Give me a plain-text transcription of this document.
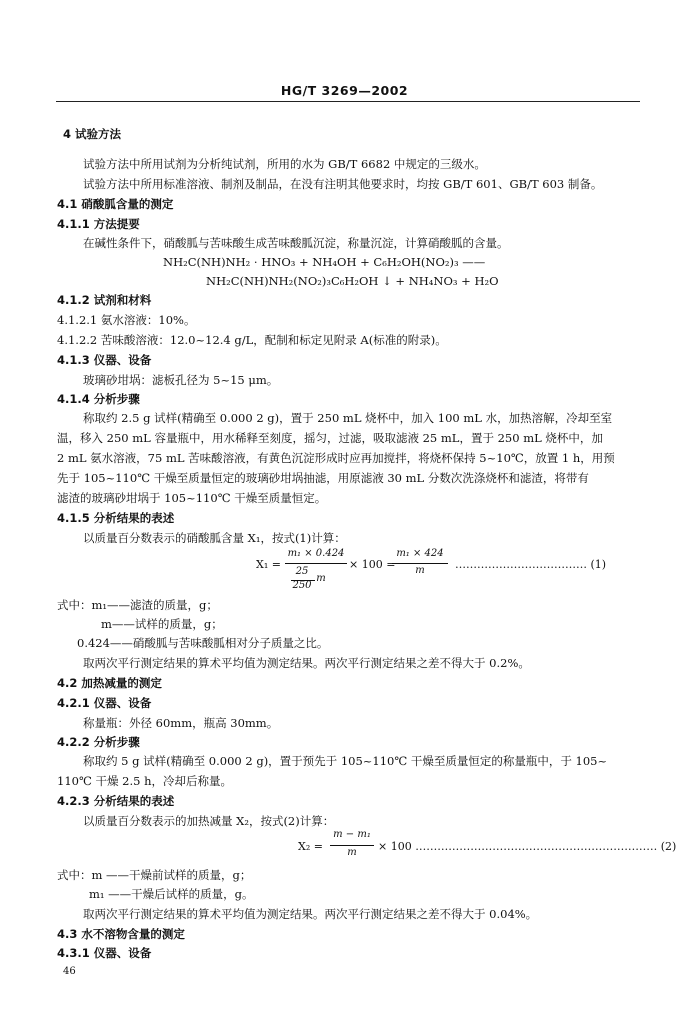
HG/T 3269—2002
4 试验方法
试验方法中所用试剂为分析纯试剂，所用的水为 GB/T 6682 中规定的三级水。
试验方法中所用标准溶液、制剂及制品，在没有注明其他要求时，均按 GB/T 601、GB/T 603 制备。
4.1 硝酸胍含量的测定
4.1.1 方法提要
在碱性条件下，硝酸胍与苦味酸生成苦味酸胍沉淀，称量沉淀，计算硝酸胍的含量。
NH₂C(NH)NH₂ · HNO₃ + NH₄OH + C₆H₂OH(NO₂)₃ ——
NH₂C(NH)NH₂(NO₂)₃C₆H₂OH ↓ + NH₄NO₃ + H₂O
4.1.2 试剂和材料
4.1.2.1 氨水溶液：10%。
4.1.2.2 苦味酸溶液：12.0~12.4 g/L，配制和标定见附录 A(标准的附录)。
4.1.3 仪器、设备
玻璃砂坩埚：滤板孔径为 5~15 μm。
4.1.4 分析步骤
称取约 2.5 g 试样(精确至 0.000 2 g)，置于 250 mL 烧杯中，加入 100 mL 水，加热溶解，冷却至室
温，移入 250 mL 容量瓶中，用水稀释至刻度，摇匀，过滤，吸取滤液 25 mL，置于 250 mL 烧杯中，加
2 mL 氨水溶液，75 mL 苦味酸溶液，有黄色沉淀形成时应再加搅拌，将烧杯保持 5~10℃，放置 1 h，用预
先于 105~110℃ 干燥至质量恒定的玻璃砂坩埚抽滤，用原滤液 30 mL 分数次洗涤烧杯和滤渣，将带有
滤渣的玻璃砂坩埚于 105~110℃ 干燥至质量恒定。
4.1.5 分析结果的表述
以质量百分数表示的硝酸胍含量 X₁，按式(1)计算：
X₁ =
m₁ × 0.424
25
250
m
× 100 =
m₁ × 424
m	……………………………… (1)
式中：m₁——滤渣的质量，g；
m——试样的质量，g；
0.424——硝酸胍与苦味酸胍相对分子质量之比。
取两次平行测定结果的算术平均值为测定结果。两次平行测定结果之差不得大于 0.2%。
4.2 加热减量的测定
4.2.1 仪器、设备
称量瓶：外径 60mm，瓶高 30mm。
4.2.2 分析步骤
称取约 5 g 试样(精确至 0.000 2 g)，置于预先于 105~110℃ 干燥至质量恒定的称量瓶中，于 105~
110℃ 干燥 2.5 h，冷却后称量。
4.2.3 分析结果的表述
以质量百分数表示的加热减量 X₂，按式(2)计算：
X₂ =
m − m₁
m	× 100 ………………………………………………………… (2)
式中：m ——干燥前试样的质量，g；
m₁ ——干燥后试样的质量，g。
取两次平行测定结果的算术平均值为测定结果。两次平行测定结果之差不得大于 0.04%。
4.3 水不溶物含量的测定
4.3.1 仪器、设备
46
